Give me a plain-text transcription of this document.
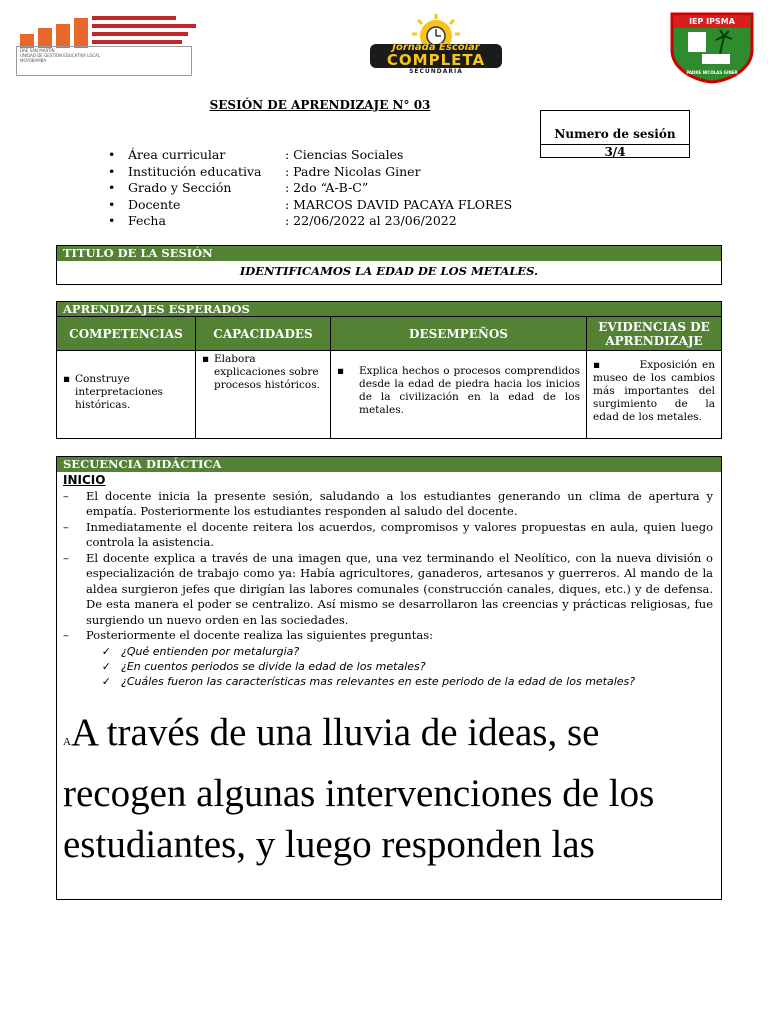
DRE SAN MARTIN
UNIDAD DE GESTIÓN EDUCATIVA LOCAL
MOYOBAMBA
Jornada Escolar
COMPLETA
SECUNDARIA
IEP IPSMA
PADRE NICOLAS GINER
SESIÓN DE APRENDIZAJE N° 03
Numero de sesión
3/4
•	Área curricular	: Ciencias Sociales
•	Institución educativa	: Padre Nicolas Giner
•	Grado y Sección	: 2do “A-B-C”
•	Docente	: MARCOS DAVID PACAYA FLORES
•	Fecha	: 22/06/2022 al 23/06/2022
TITULO DE LA SESIÓN
IDENTIFICAMOS LA EDAD DE LOS METALES.
APRENDIZAJES ESPERADOS
COMPETENCIAS	CAPACIDADES	DESEMPEÑOS	EVIDENCIAS DE APRENDIZAJE
▪ Construye interpretaciones históricas.
▪ Elabora explicaciones sobre procesos históricos.
▪	Explica hechos o procesos comprendidos desde la edad de piedra hacia los inicios de la civilización en la edad de los metales.
▪        Exposición en museo de los cambios más importantes del surgimiento de la edad de los metales.
SECUENCIA DIDÁCTICA
INICIO
–	El docente inicia la presente sesión, saludando a los estudiantes generando un clima de apertura y empatía. Posteriormente los estudiantes responden al saludo del docente.
–	Inmediatamente el docente reitera los acuerdos, compromisos y valores propuestas en aula, quien luego controla la asistencia.
–	El docente explica a través de una imagen que, una vez terminando el Neolítico, con la nueva división o especialización de trabajo como ya: Había agricultores, ganaderos, artesanos y guerreros. Al mando de la aldea surgieron jefes que dirigían las labores comunales (construcción canales, diques, etc.) y de defensa. De esta manera el poder se centralizo. Así mismo se desarrollaron las creencias y prácticas religiosas, fue surgiendo un nuevo orden en las sociedades.
–	Posteriormente el docente realiza las siguientes preguntas:
✓ ¿Qué entienden por metalurgia?
✓ ¿En cuentos periodos se divide la edad de los metales?
✓ ¿Cuáles fueron las características mas relevantes en este periodo de la edad de los metales?
AA través de una lluvia de ideas, se recogen algunas intervenciones de los
estudiantes, y luego responden las
